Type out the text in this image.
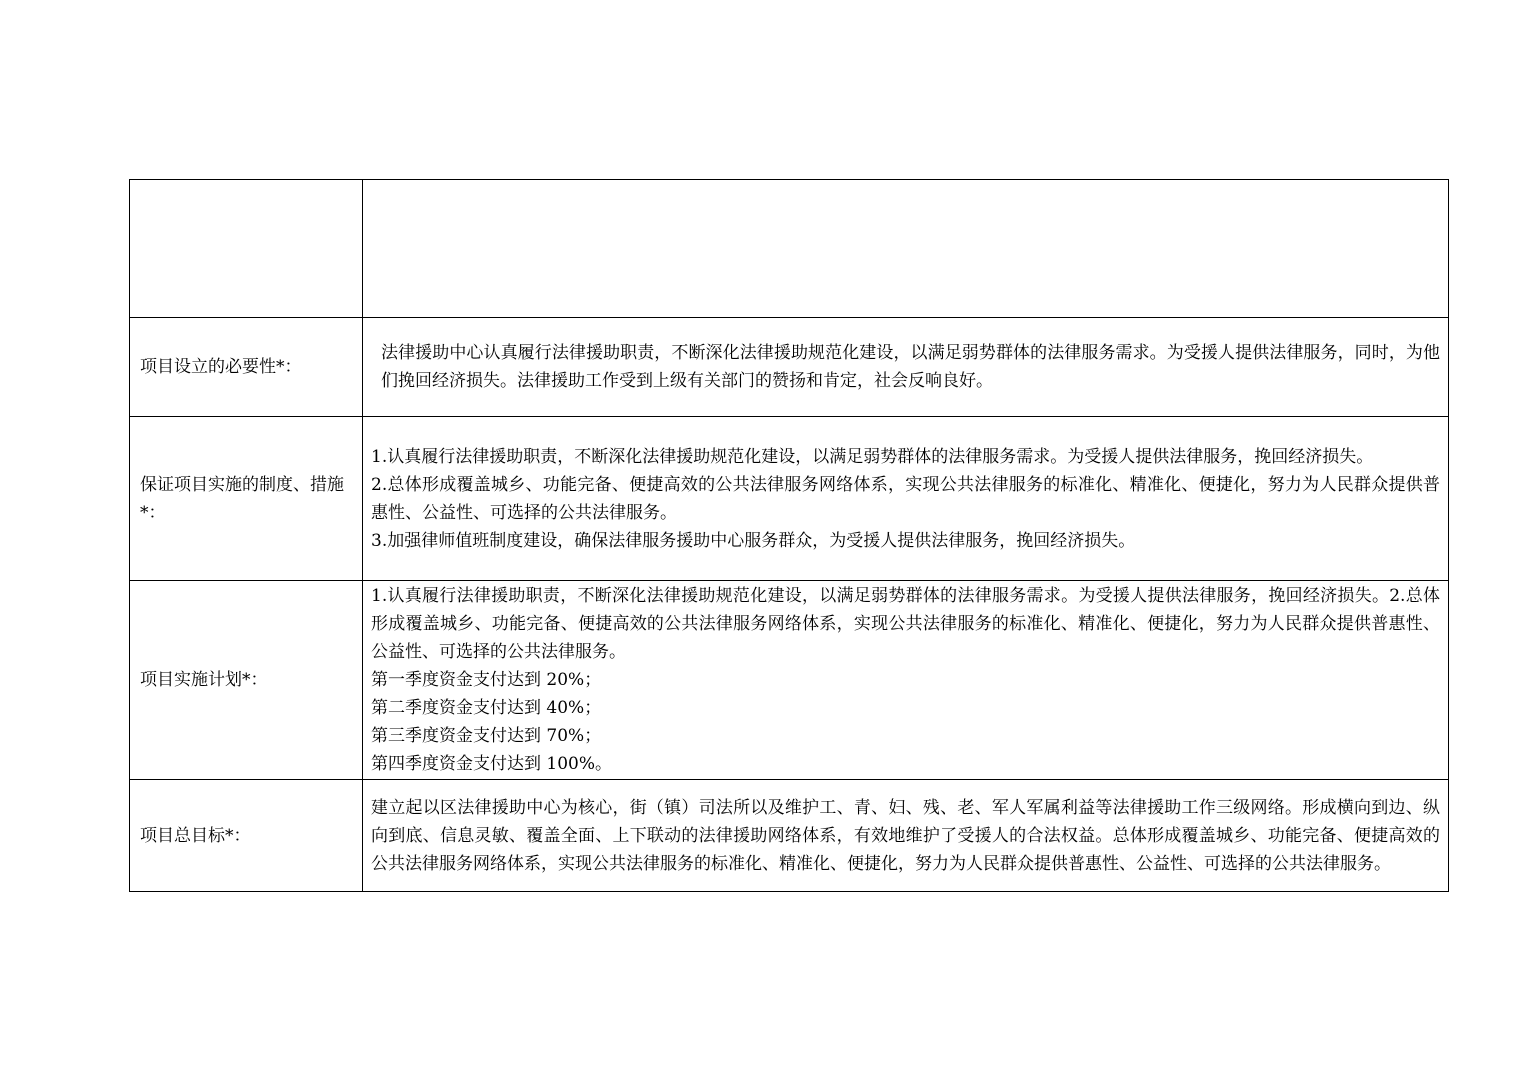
项目设立的必要性*：	法律援助中心认真履行法律援助职责，不断深化法律援助规范化建设，以满足弱势群体的法律服务需求。为受援人提供法律服务，同时，为他们挽回经济损失。法律援助工作受到上级有关部门的赞扬和肯定，社会反响良好。

保证项目实施的制度、措施*：	1.认真履行法律援助职责，不断深化法律援助规范化建设，以满足弱势群体的法律服务需求。为受援人提供法律服务，挽回经济损失。
2.总体形成覆盖城乡、功能完备、便捷高效的公共法律服务网络体系，实现公共法律服务的标准化、精准化、便捷化，努力为人民群众提供普惠性、公益性、可选择的公共法律服务。
3.加强律师值班制度建设，确保法律服务援助中心服务群众，为受援人提供法律服务，挽回经济损失。

项目实施计划*：	1.认真履行法律援助职责，不断深化法律援助规范化建设，以满足弱势群体的法律服务需求。为受援人提供法律服务，挽回经济损失。2.总体形成覆盖城乡、功能完备、便捷高效的公共法律服务网络体系，实现公共法律服务的标准化、精准化、便捷化，努力为人民群众提供普惠性、公益性、可选择的公共法律服务。
第一季度资金支付达到 20%；
第二季度资金支付达到 40%；
第三季度资金支付达到 70%；
第四季度资金支付达到 100%。

项目总目标*：	建立起以区法律援助中心为核心，街（镇）司法所以及维护工、青、妇、残、老、军人军属利益等法律援助工作三级网络。形成横向到边、纵向到底、信息灵敏、覆盖全面、上下联动的法律援助网络体系，有效地维护了受援人的合法权益。总体形成覆盖城乡、功能完备、便捷高效的公共法律服务网络体系，实现公共法律服务的标准化、精准化、便捷化，努力为人民群众提供普惠性、公益性、可选择的公共法律服务。
